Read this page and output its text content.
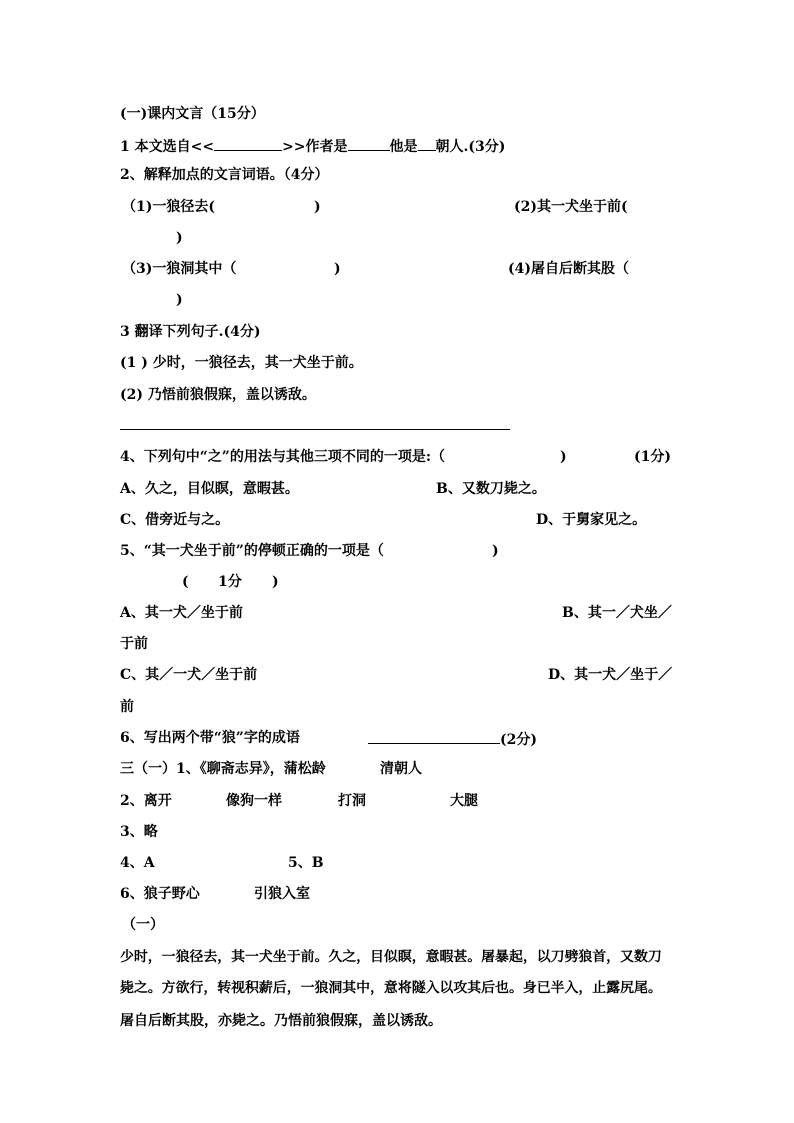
(一)课内文言（15分）
1 本文选自<<	>>作者是	他是 朝人.(3分)
2、解释加点的文言词语。（4分）
（1)一狼径去(	)	(2)其一犬坐于前(
)
（3)一狼洞其中（	)	(4)屠自后断其股（
)
3 翻译下列句子.(4分)
(1 ) 少时，一狼径去，其一犬坐于前。
(2) 乃悟前狼假寐，盖以诱敌。
4、下列句中“之”的用法与其他三项不同的一项是:（	)	(1分)
A、久之，目似瞑，意暇甚。	B、又数刀毙之。
C、借旁近与之。	D、于舅家见之。
5、“其一犬坐于前”的停顿正确的一项是（	)
( 1分 )
A、其一犬／坐于前	B、其一／犬坐／
于前
C、其／一犬／坐于前	D、其一犬／坐于／
前
6、写出两个带“狼”字的成语	(2分)
三（一）1、《聊斋志异》，蒲松龄	清朝人
2、离开	像狗一样	打洞	大腿
3、略
4、A	5、B
6、狼子野心	引狼入室
（一）
少时，一狼径去，其一犬坐于前。久之，目似瞑，意暇甚。屠暴起，以刀劈狼首，又数刀
毙之。方欲行，转视积薪后，一狼洞其中，意将隧入以攻其后也。身已半入，止露尻尾。
屠自后断其股，亦毙之。乃悟前狼假寐，盖以诱敌。
